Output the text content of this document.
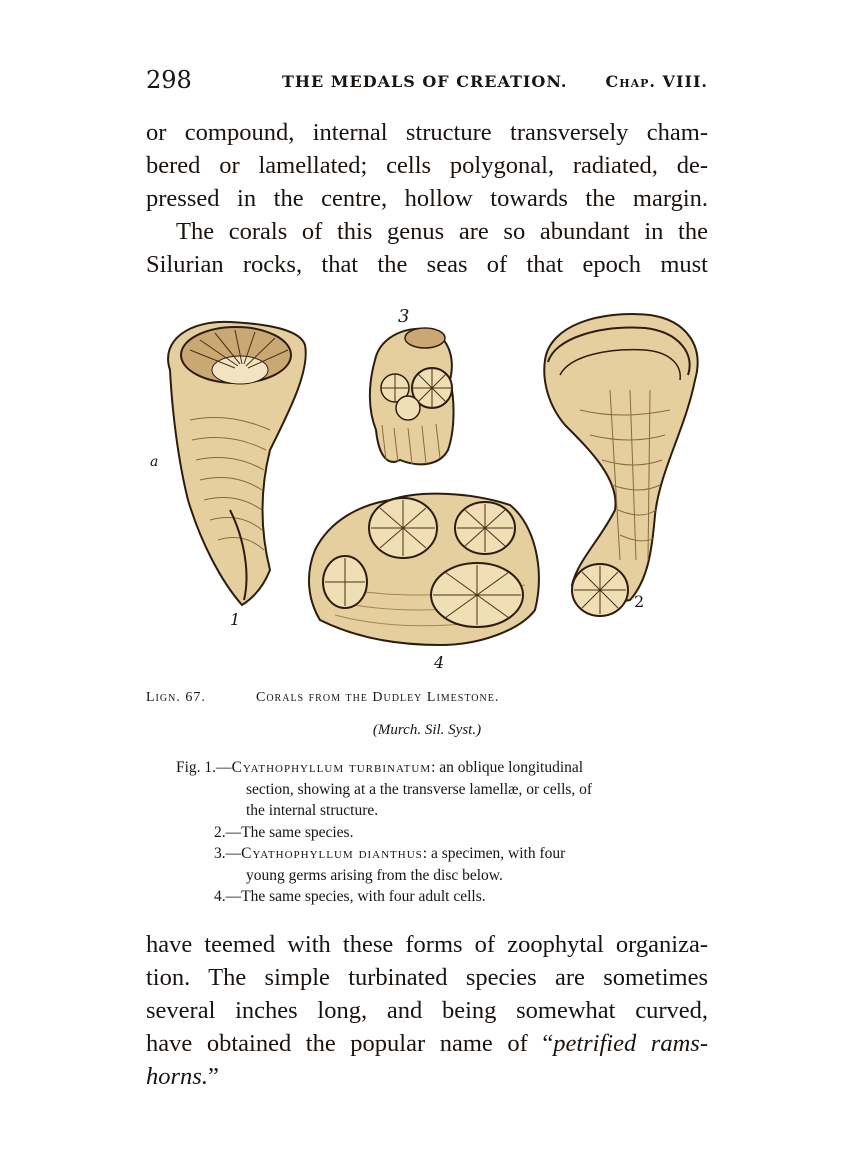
298	THE MEDALS OF CREATION. Chap. VIII.
or compound, internal structure transversely cham-
bered or lamellated; cells polygonal, radiated, de-
pressed in the centre, hollow towards the margin.
The corals of this genus are so abundant in the
Silurian rocks, that the seas of that epoch must
a
1
2
3
4
Lign. 67.	Corals from the Dudley Limestone.
(Murch. Sil. Syst.)

Fig. 1.—Cyathophyllum turbinatum: an oblique longitudinal
section, showing at a the transverse lamellæ, or cells, of
the internal structure.

2.—The same species.

3.—Cyathophyllum dianthus: a specimen, with four
young germs arising from the disc below.

4.—The same species, with four adult cells.

have teemed with these forms of zoophytal organiza-
tion. The simple turbinated species are sometimes
several inches long, and being somewhat curved,
have obtained the popular name of “petrified rams-
horns.”
